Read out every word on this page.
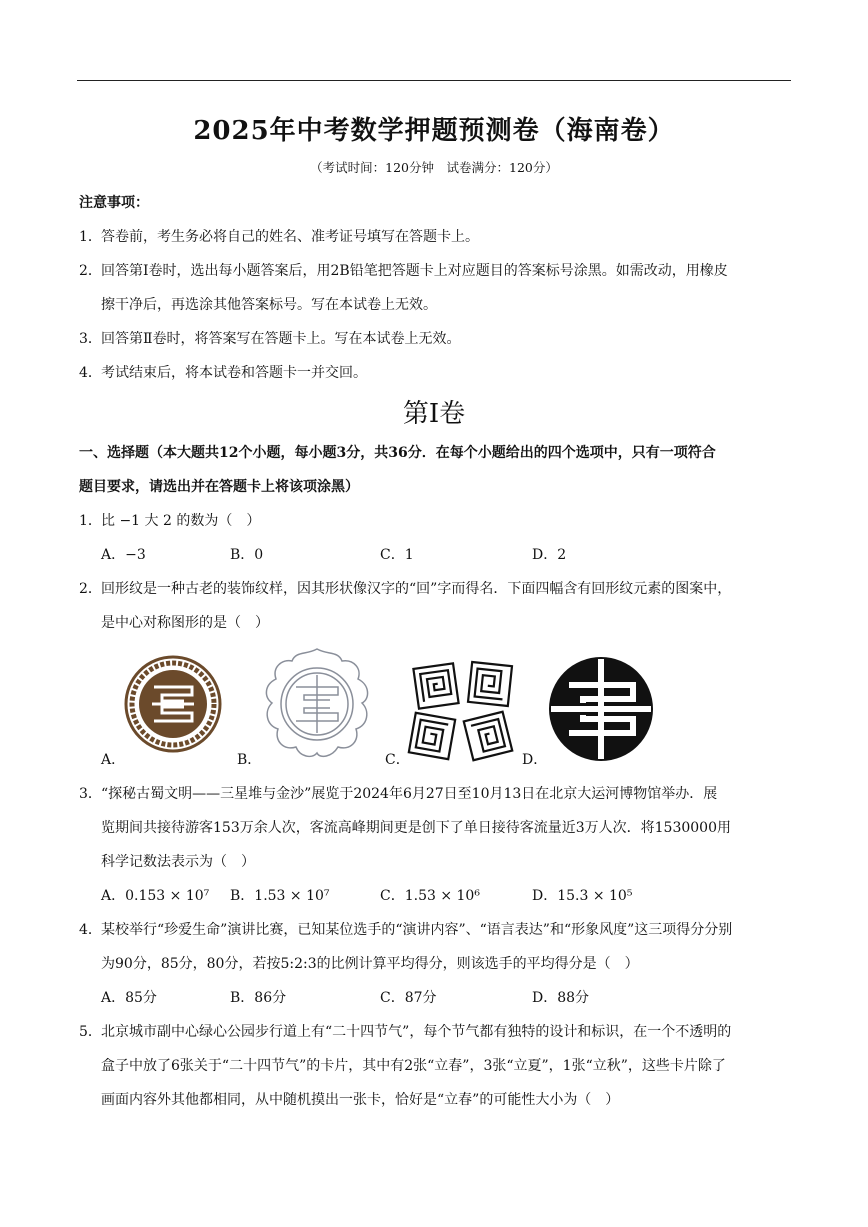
2025年中考数学押题预测卷（海南卷）
（考试时间：120分钟　试卷满分：120分）
注意事项：
1．答卷前，考生务必将自己的姓名、准考证号填写在答题卡上。
2．回答第Ⅰ卷时，选出每小题答案后，用2B铅笔把答题卡上对应题目的答案标号涂黑。如需改动，用橡皮
擦干净后，再选涂其他答案标号。写在本试卷上无效。
3．回答第Ⅱ卷时，将答案写在答题卡上。写在本试卷上无效。
4．考试结束后，将本试卷和答题卡一并交回。
第Ⅰ卷
一、选择题（本大题共12个小题，每小题3分，共36分．在每个小题给出的四个选项中，只有一项符合
题目要求，请选出并在答题卡上将该项涂黑）
1．比 −1 大 2 的数为（　）
A．−3	B．0	C．1	D．2
2．回形纹是一种古老的装饰纹样，因其形状像汉字的“回”字而得名．下面四幅含有回形纹元素的图案中，
是中心对称图形的是（　）
A．	B．	C．	D．
3．“探秘古蜀文明——三星堆与金沙”展览于2024年6月27日至10月13日在北京大运河博物馆举办．展
览期间共接待游客153万余人次，客流高峰期间更是创下了单日接待客流量近3万人次．将1530000用
科学记数法表示为（　）
A．0.153 × 10⁷ B．1.53 × 10⁷	C．1.53 × 10⁶	D．15.3 × 10⁵
4．某校举行“珍爱生命”演讲比赛，已知某位选手的“演讲内容”、“语言表达”和“形象风度”这三项得分分别
为90分，85分，80分，若按5:2:3的比例计算平均得分，则该选手的平均得分是（　）
A．85分	B．86分	C．87分	D．88分
5．北京城市副中心绿心公园步行道上有“二十四节气”，每个节气都有独特的设计和标识，在一个不透明的
盒子中放了6张关于“二十四节气”的卡片，其中有2张“立春”，3张“立夏”，1张“立秋”，这些卡片除了
画面内容外其他都相同，从中随机摸出一张卡，恰好是“立春”的可能性大小为（　）
